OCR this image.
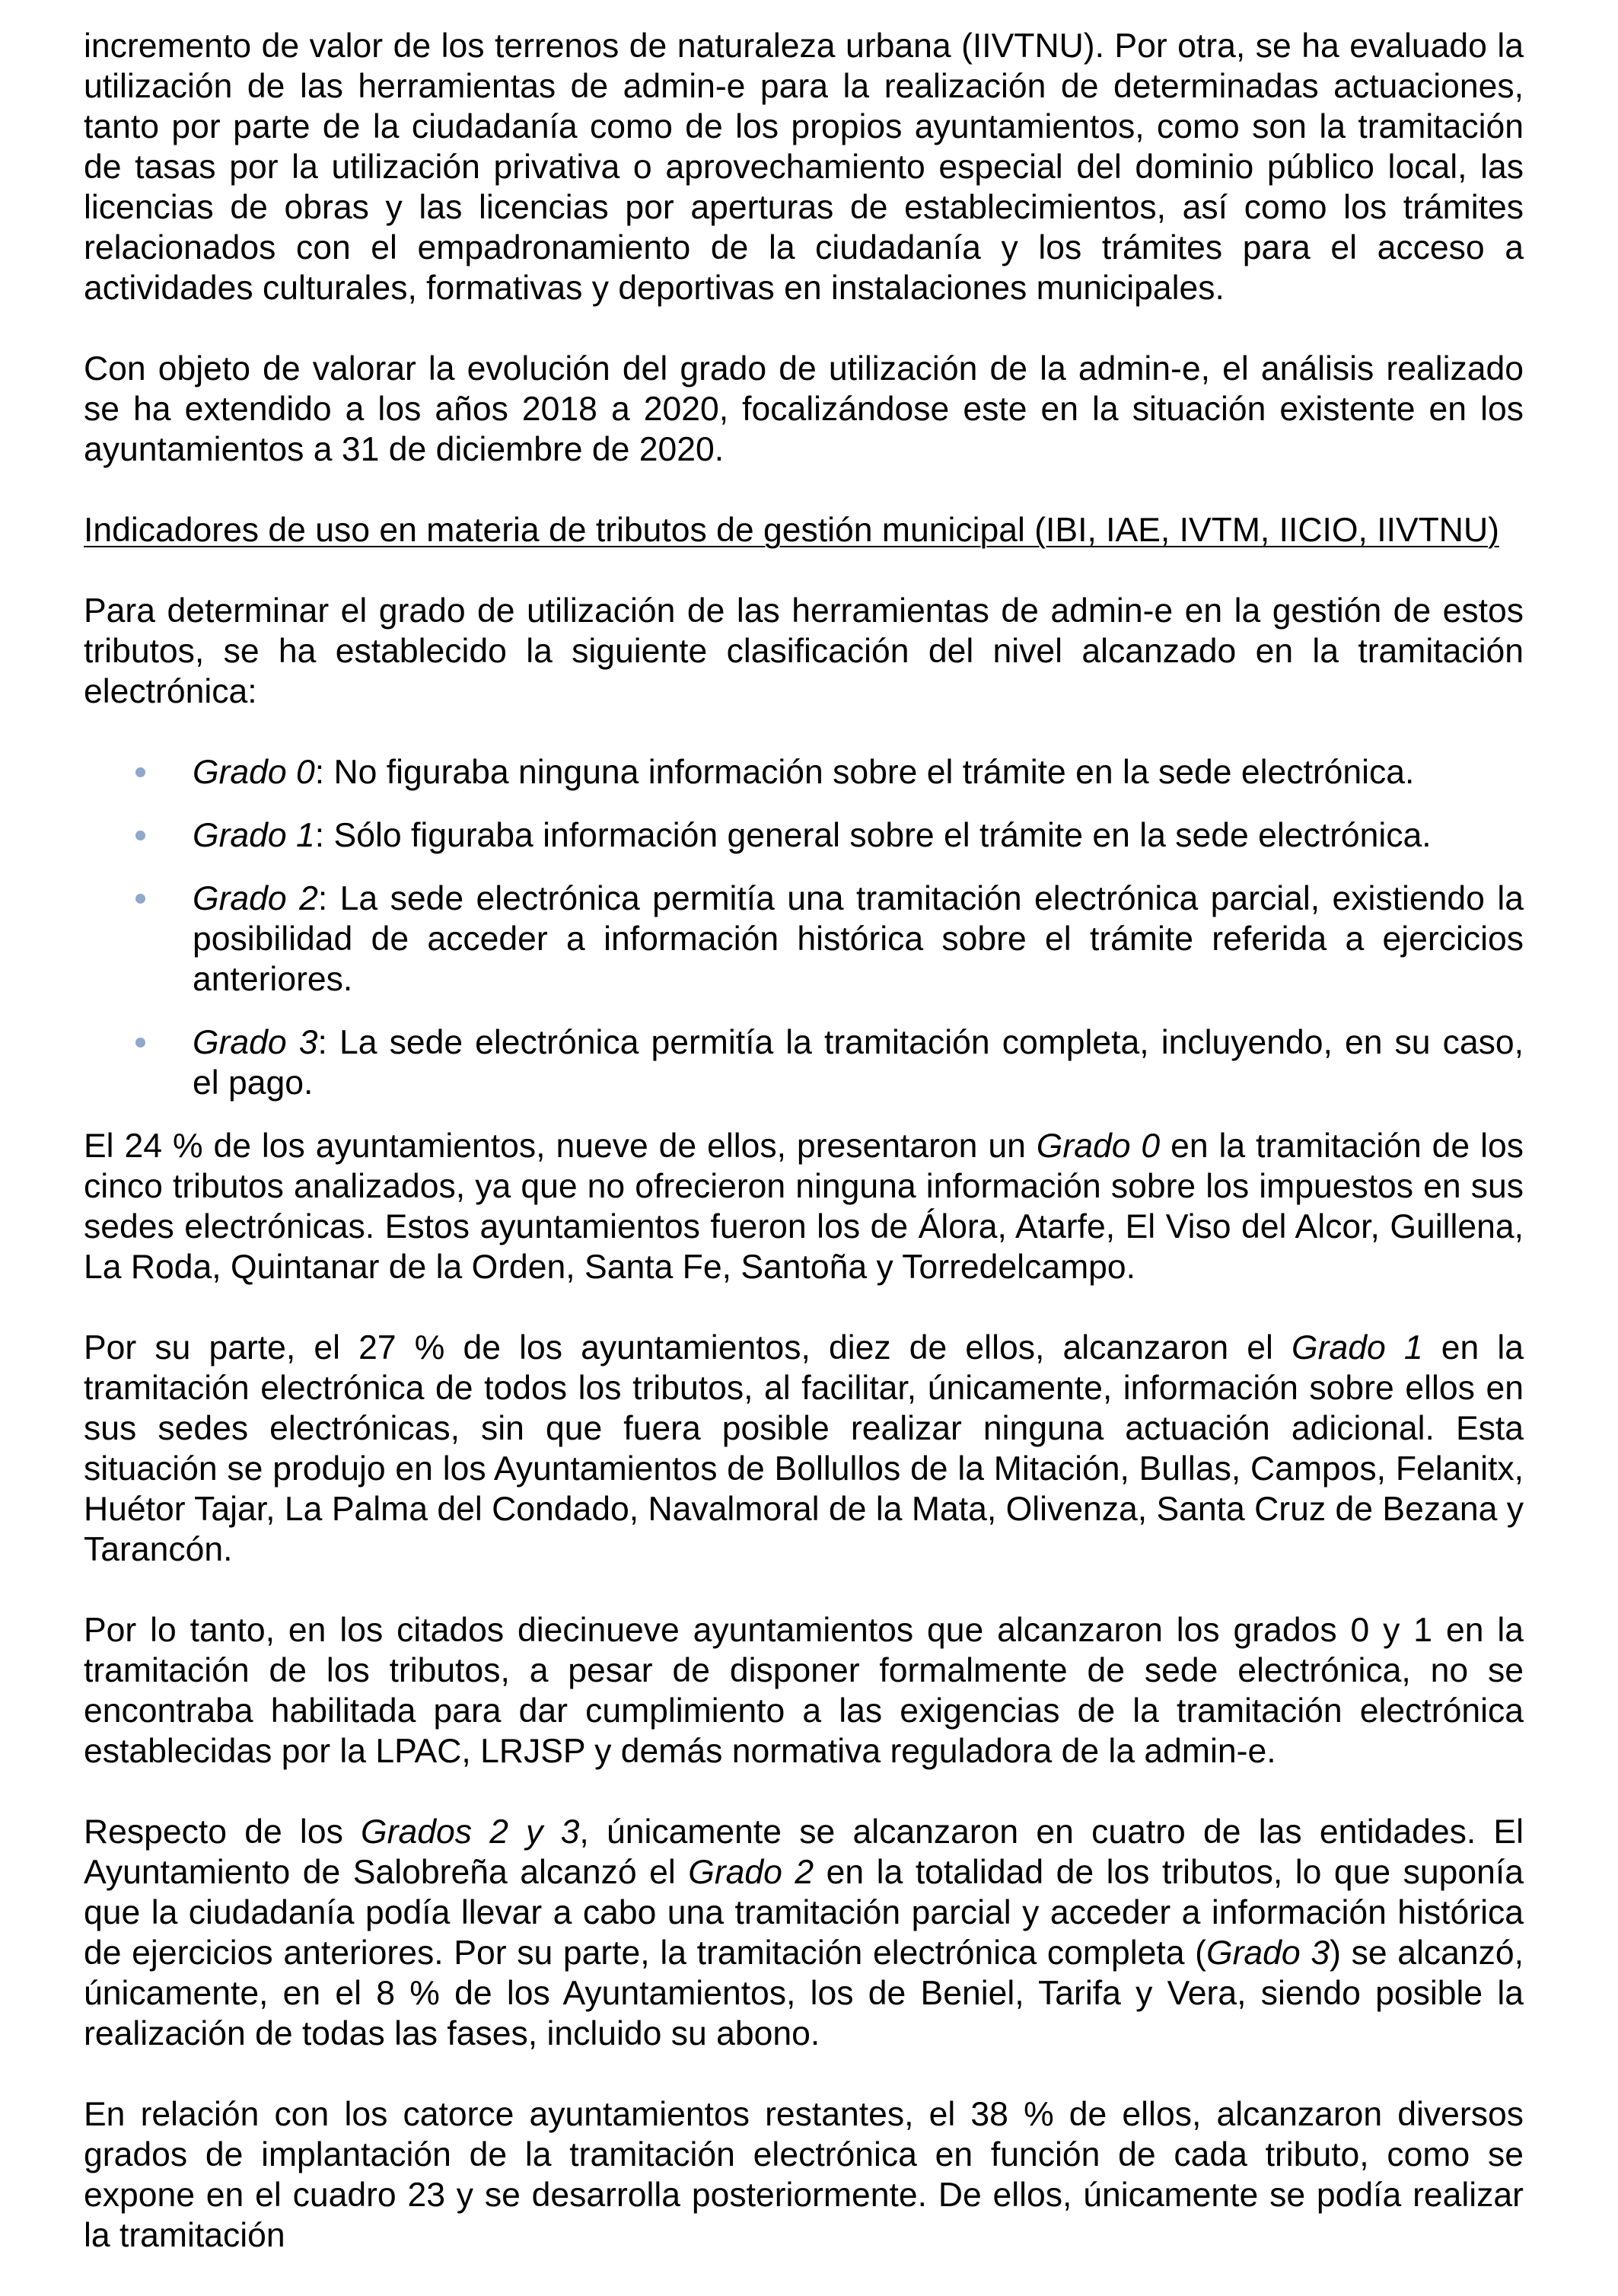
incremento de valor de los terrenos de naturaleza urbana (IIVTNU). Por otra, se ha evaluado la utilización de las herramientas de admin-e para la realización de determinadas actuaciones, tanto por parte de la ciudadanía como de los propios ayuntamientos, como son la tramitación de tasas por la utilización privativa o aprovechamiento especial del dominio público local, las licencias de obras y las licencias por aperturas de establecimientos, así como los trámites relacionados con el empadronamiento de la ciudadanía y los trámites para el acceso a actividades culturales, formativas y deportivas en instalaciones municipales.

Con objeto de valorar la evolución del grado de utilización de la admin-e, el análisis realizado se ha extendido a los años 2018 a 2020, focalizándose este en la situación existente en los ayuntamientos a 31 de diciembre de 2020.

Indicadores de uso en materia de tributos de gestión municipal (IBI, IAE, IVTM, IICIO, IIVTNU)

Para determinar el grado de utilización de las herramientas de admin-e en la gestión de estos tributos, se ha establecido la siguiente clasificación del nivel alcanzado en la tramitación electrónica:

Grado 0: No figuraba ninguna información sobre el trámite en la sede electrónica.
Grado 1: Sólo figuraba información general sobre el trámite en la sede electrónica.
Grado 2: La sede electrónica permitía una tramitación electrónica parcial, existiendo la posibilidad de acceder a información histórica sobre el trámite referida a ejercicios anteriores.
Grado 3: La sede electrónica permitía la tramitación completa, incluyendo, en su caso, el pago.

El 24 % de los ayuntamientos, nueve de ellos, presentaron un Grado 0 en la tramitación de los cinco tributos analizados, ya que no ofrecieron ninguna información sobre los impuestos en sus sedes electrónicas. Estos ayuntamientos fueron los de Álora, Atarfe, El Viso del Alcor, Guillena, La Roda, Quintanar de la Orden, Santa Fe, Santoña y Torredelcampo.

Por su parte, el 27 % de los ayuntamientos, diez de ellos, alcanzaron el Grado 1 en la tramitación electrónica de todos los tributos, al facilitar, únicamente, información sobre ellos en sus sedes electrónicas, sin que fuera posible realizar ninguna actuación adicional. Esta situación se produjo en los Ayuntamientos de Bollullos de la Mitación, Bullas, Campos, Felanitx, Huétor Tajar, La Palma del Condado, Navalmoral de la Mata, Olivenza, Santa Cruz de Bezana y Tarancón.

Por lo tanto, en los citados diecinueve ayuntamientos que alcanzaron los grados 0 y 1 en la tramitación de los tributos, a pesar de disponer formalmente de sede electrónica, no se encontraba habilitada para dar cumplimiento a las exigencias de la tramitación electrónica establecidas por la LPAC, LRJSP y demás normativa reguladora de la admin-e.

Respecto de los Grados 2 y 3, únicamente se alcanzaron en cuatro de las entidades. El Ayuntamiento de Salobreña alcanzó el Grado 2 en la totalidad de los tributos, lo que suponía que la ciudadanía podía llevar a cabo una tramitación parcial y acceder a información histórica de ejercicios anteriores. Por su parte, la tramitación electrónica completa (Grado 3) se alcanzó, únicamente, en el 8 % de los Ayuntamientos, los de Beniel, Tarifa y Vera, siendo posible la realización de todas las fases, incluido su abono.

En relación con los catorce ayuntamientos restantes, el 38 % de ellos, alcanzaron diversos grados de implantación de la tramitación electrónica en función de cada tributo, como se expone en el cuadro 23 y se desarrolla posteriormente. De ellos, únicamente se podía realizar la tramitación
